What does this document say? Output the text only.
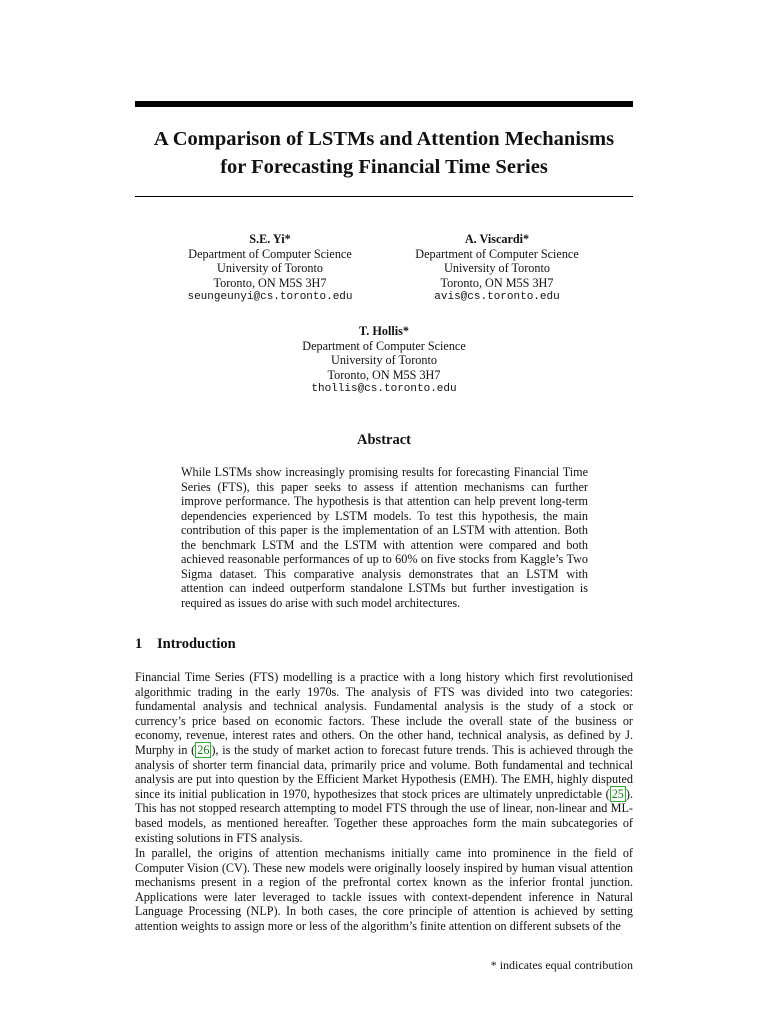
A Comparison of LSTMs and Attention Mechanisms
for Forecasting Financial Time Series
S.E. Yi*
Department of Computer Science
University of Toronto
Toronto, ON M5S 3H7
seungeunyi@cs.toronto.edu
A. Viscardi*
Department of Computer Science
University of Toronto
Toronto, ON M5S 3H7
avis@cs.toronto.edu
T. Hollis*
Department of Computer Science
University of Toronto
Toronto, ON M5S 3H7
thollis@cs.toronto.edu
Abstract
While LSTMs show increasingly promising results for forecasting Financial Time Series (FTS), this paper seeks to assess if attention mechanisms can further improve performance. The hypothesis is that attention can help prevent long-term dependencies experienced by LSTM models. To test this hypothesis, the main contribution of this paper is the implementation of an LSTM with attention. Both the benchmark LSTM and the LSTM with attention were compared and both achieved reasonable performances of up to 60% on five stocks from Kaggle’s Two Sigma dataset. This comparative analysis demonstrates that an LSTM with attention can indeed outperform standalone LSTMs but further investigation is required as issues do arise with such model architectures.
1 Introduction
Financial Time Series (FTS) modelling is a practice with a long history which first revolutionised algorithmic trading in the early 1970s. The analysis of FTS was divided into two categories: fundamental analysis and technical analysis. Fundamental analysis is the study of a stock or currency’s price based on economic factors. These include the overall state of the business or economy, revenue, interest rates and others. On the other hand, technical analysis, as defined by J. Murphy in ( 26 ), is the study of market action to forecast future trends. This is achieved through the analysis of shorter term financial data, primarily price and volume. Both fundamental and technical analysis are put into question by the Efficient Market Hypothesis (EMH). The EMH, highly disputed since its initial publication in 1970, hypothesizes that stock prices are ultimately unpredictable ( 25 ). This has not stopped research attempting to model FTS through the use of linear, non-linear and ML-based models, as mentioned hereafter. Together these approaches form the main subcategories of existing solutions in FTS analysis.
In parallel, the origins of attention mechanisms initially came into prominence in the field of Computer Vision (CV). These new models were originally loosely inspired by human visual attention mechanisms present in a region of the prefrontal cortex known as the inferior frontal junction. Applications were later leveraged to tackle issues with context-dependent inference in Natural Language Processing (NLP). In both cases, the core principle of attention is achieved by setting attention weights to assign more or less of the algorithm’s finite attention on different subsets of the
* indicates equal contribution
